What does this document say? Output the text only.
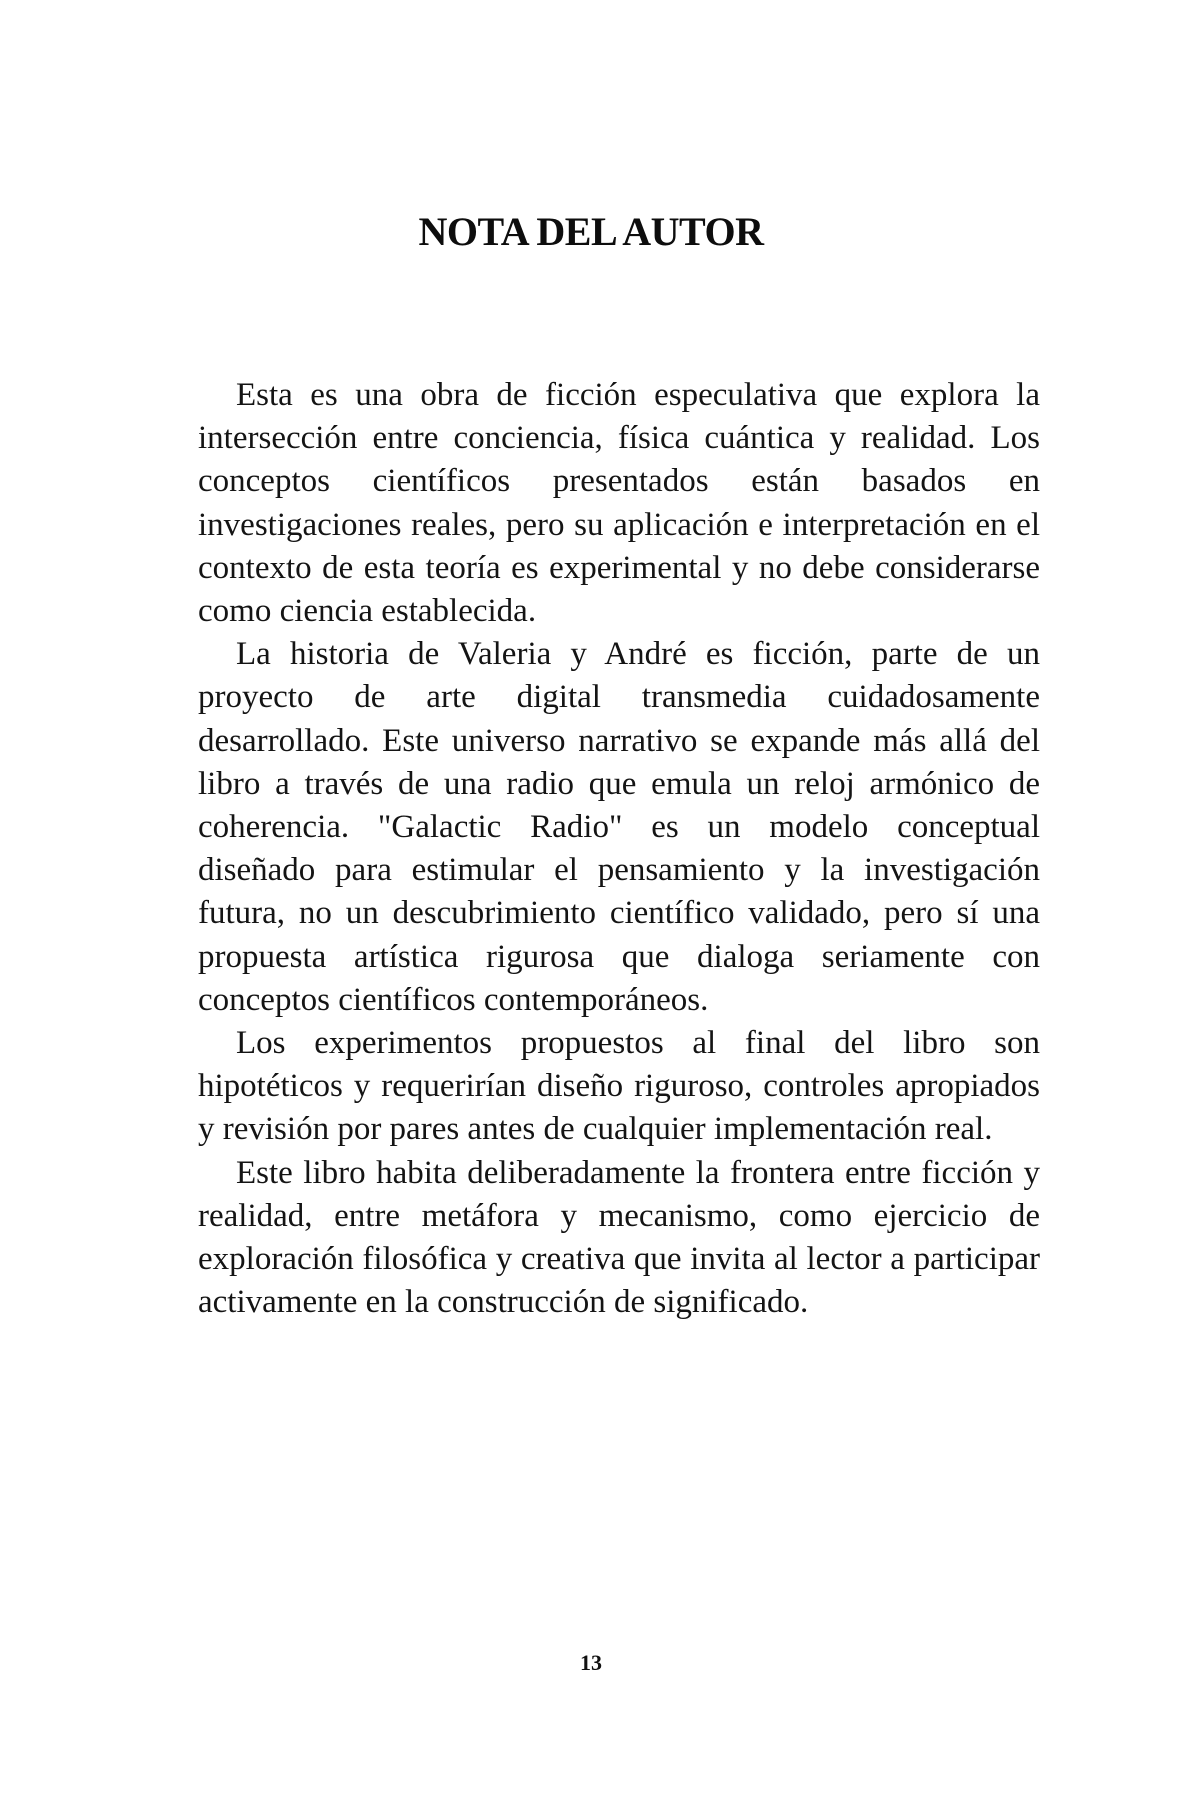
NOTA DEL AUTOR

Esta es una obra de ficción especulativa que explora la intersección entre conciencia, física cuántica y realidad. Los conceptos científicos presentados están basados en investigaciones reales, pero su aplicación e interpretación en el contexto de esta teoría es experimental y no debe considerarse como ciencia establecida.

La historia de Valeria y André es ficción, parte de un proyecto de arte digital transmedia cuidadosamente desarrollado. Este universo narrativo se expande más allá del libro a través de una radio que emula un reloj armónico de coherencia. "Galactic Radio" es un modelo conceptual diseñado para estimular el pensamiento y la investigación futura, no un descubrimiento científico validado, pero sí una propuesta artística rigurosa que dialoga seriamente con conceptos científicos contemporáneos.

Los experimentos propuestos al final del libro son hipotéticos y requerirían diseño riguroso, controles apropiados y revisión por pares antes de cualquier implementación real.

Este libro habita deliberadamente la frontera entre ficción y realidad, entre metáfora y mecanismo, como ejercicio de exploración filosófica y creativa que invita al lector a participar activamente en la construcción de significado.

13
